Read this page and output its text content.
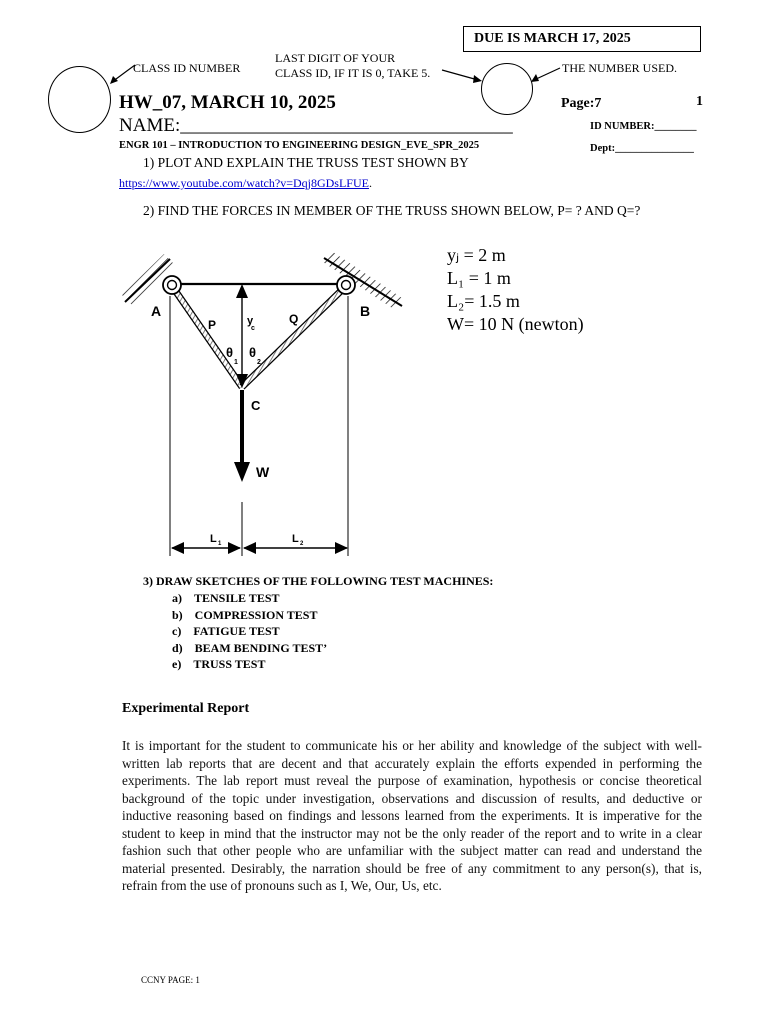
DUE IS MARCH 17, 2025
CLASS ID NUMBER
LAST DIGIT OF YOUR
CLASS ID, IF IT IS 0, TAKE 5.	THE NUMBER USED.
HW_07, MARCH 10, 2025	Page:7	1
NAME:___________________________________	ID NUMBER:________
ENGR 101 – INTRODUCTION TO ENGINEERING DESIGN_EVE_SPR_2025	Dept:_______________
1) PLOT AND EXPLAIN THE TRUSS TEST SHOWN BY
https://www.youtube.com/watch?v=Dqj8GDsLFUE.
2) FIND THE FORCES IN MEMBER OF THE TRUSS SHOWN BELOW, P= ? AND Q=?
A	B
P	Q
y
c
θ
1
θ
2
C
W
L 1	L 2
yⱼ = 2 m
L₁ = 1 m
L₂= 1.5 m
W= 10 N (newton)
3) DRAW SKETCHES OF THE FOLLOWING TEST MACHINES:
a) TENSILE TEST
b) COMPRESSION TEST
c) FATIGUE TEST
d) BEAM BENDING TEST’
e) TRUSS TEST
Experimental Report
It is important for the student to communicate his or her ability and knowledge of the subject with well-written lab reports that are decent and that accurately explain the efforts expended in performing the experiments. The lab report must reveal the purpose of examination, hypothesis or concise theoretical background of the topic under investigation, observations and discussion of results, and deductive or inductive reasoning based on findings and lessons learned from the experiments. It is imperative for the student to keep in mind that the instructor may not be the only reader of the report and to write in a clear fashion such that other people who are unfamiliar with the subject matter can read and understand the material presented. Desirably, the narration should be free of any commitment to any person(s), that is, refrain from the use of pronouns such as I, We, Our, Us, etc.
CCNY PAGE: 1
